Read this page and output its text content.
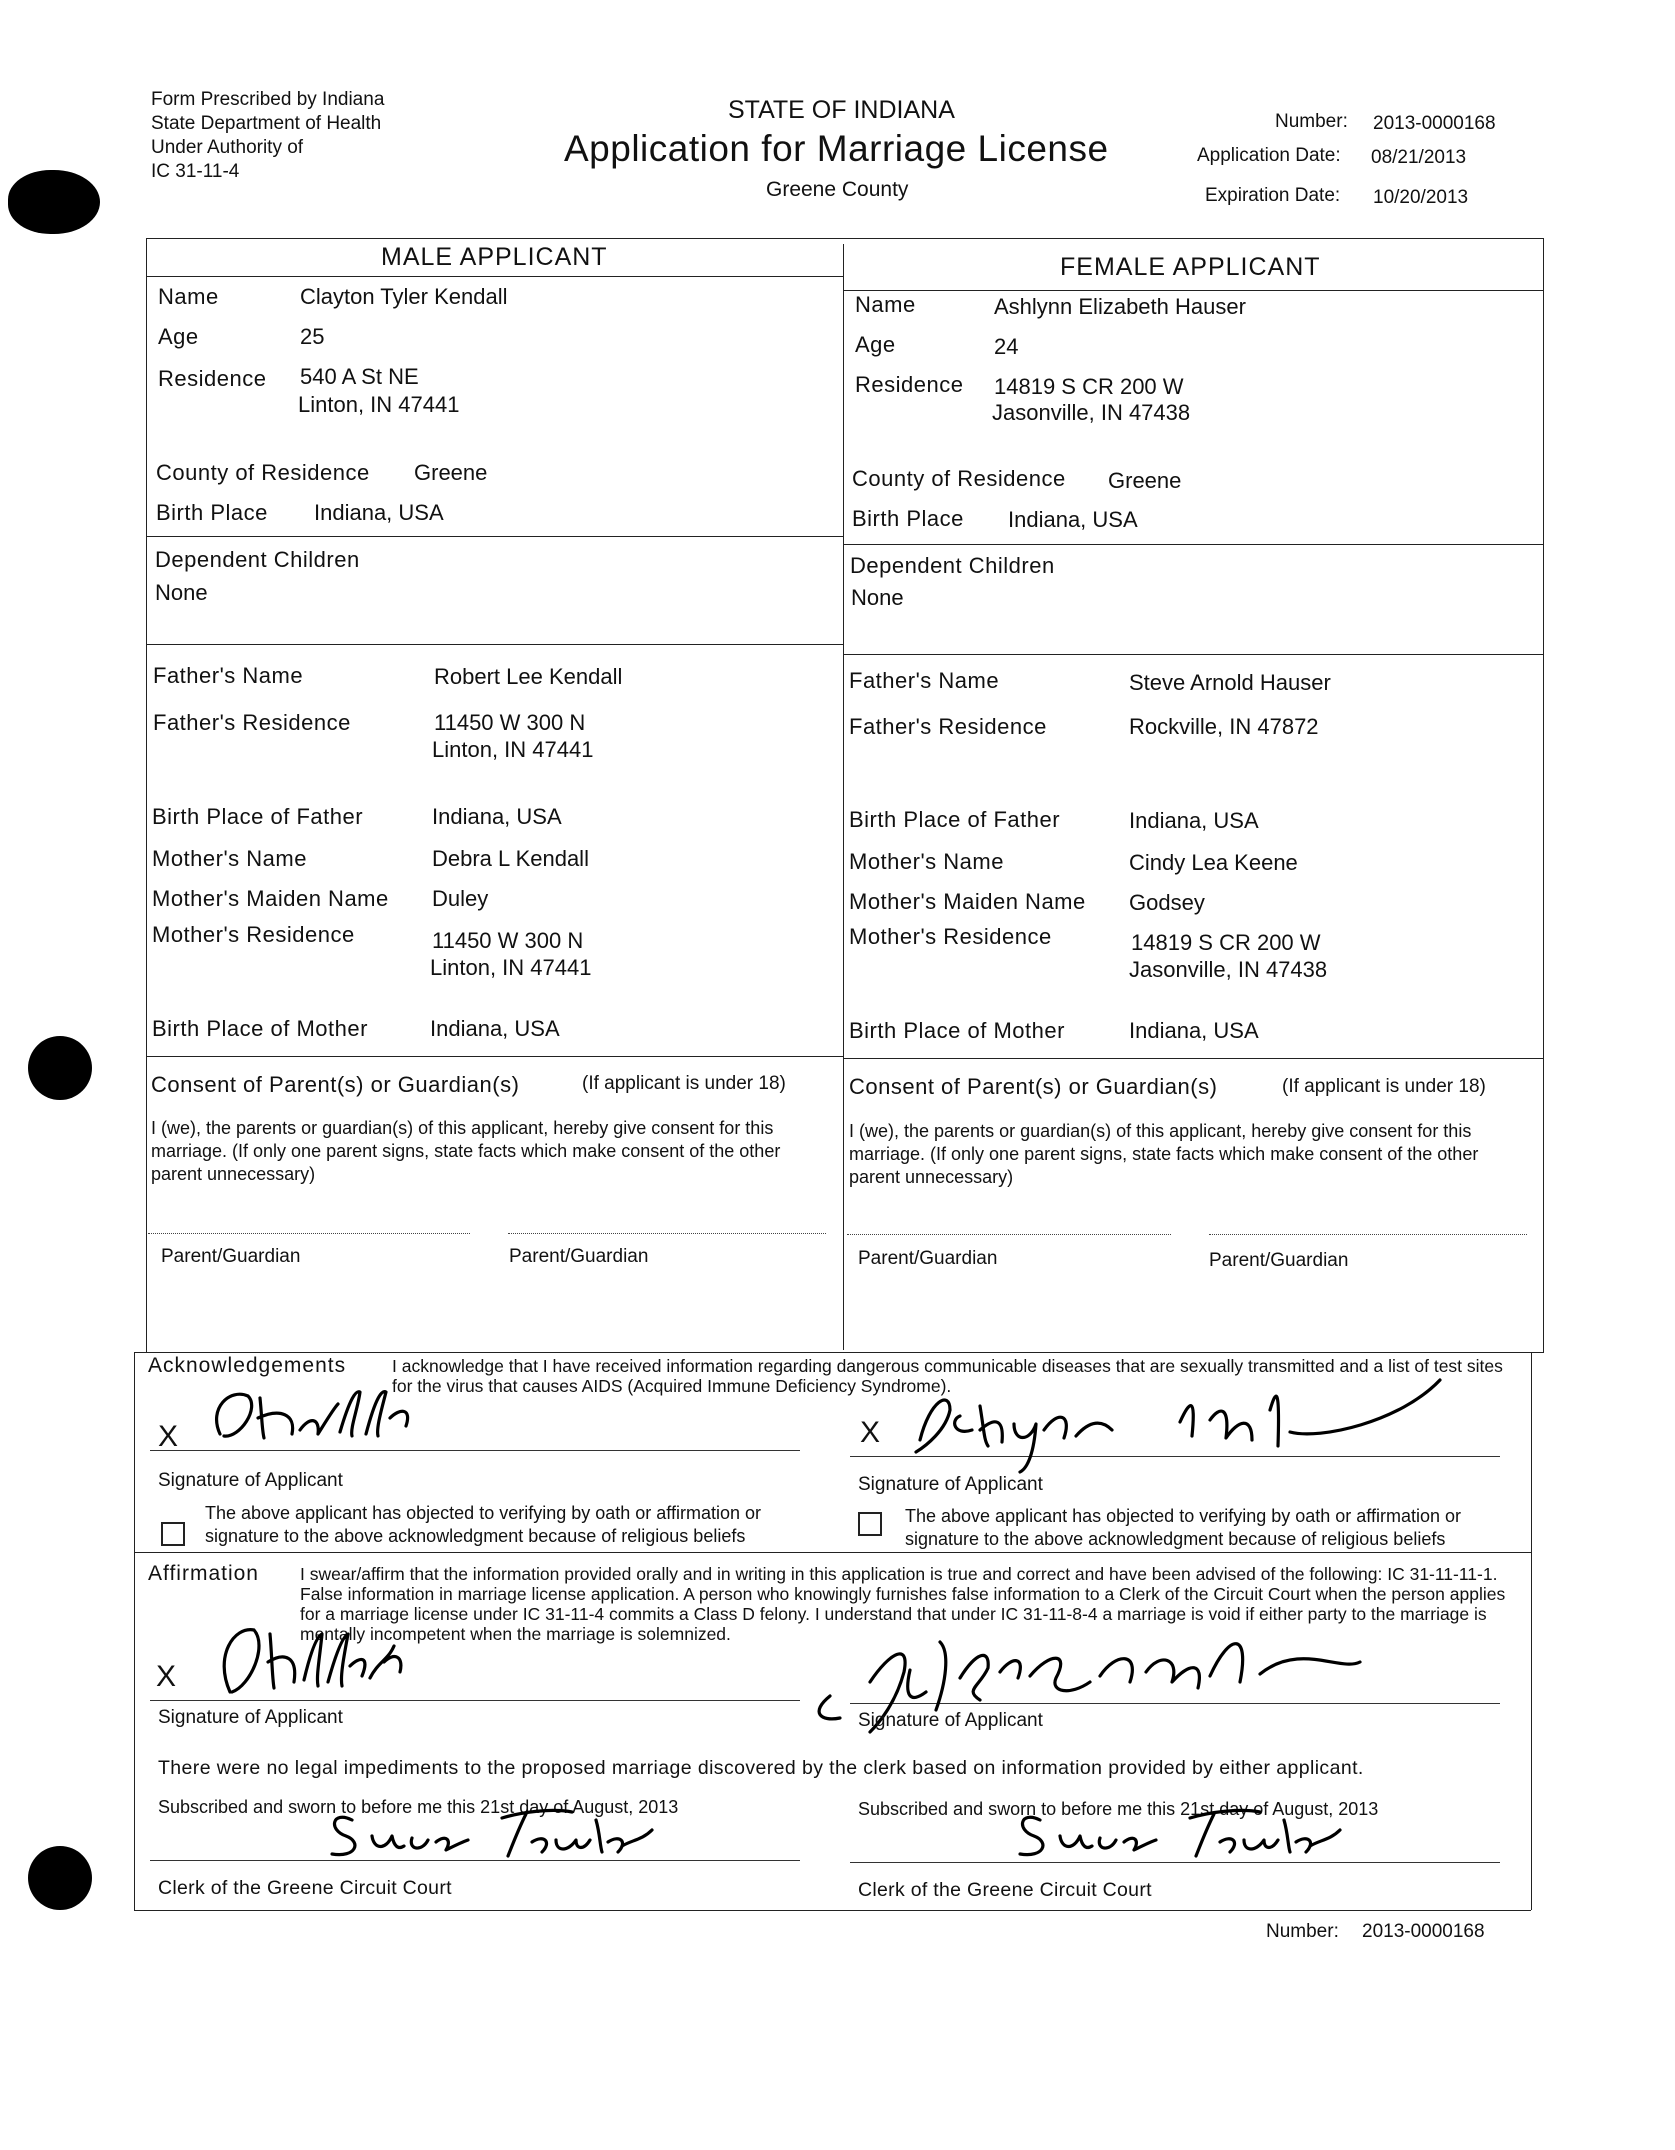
Form Prescribed by Indiana
State Department of Health
Under Authority of
IC 31-11-4
STATE OF INDIANA
Application for Marriage License
Greene County
Number: 2013-0000168
Application Date: 08/21/2013
Expiration Date: 10/20/2013
MALE APPLICANT
Name	Clayton Tyler Kendall
Age	25
Residence 540 A St NE
Linton, IN 47441
County of Residence Greene
Birth Place Indiana, USA
Dependent Children
None
Father's Name	Robert Lee Kendall
Father's Residence	11450 W 300 N
Linton, IN 47441
Birth Place of Father	Indiana, USA
Mother's Name	Debra L Kendall
Mother's Maiden Name Duley
Mother's Residence	11450 W 300 N
Linton, IN 47441
Birth Place of Mother	Indiana, USA
Consent of Parent(s) or Guardian(s)	(If applicant is under 18)
I (we), the parents or guardian(s) of this applicant, hereby give consent for this marriage. (If only one parent signs, state facts which make consent of the other parent unnecessary)
Parent/Guardian	Parent/Guardian
FEMALE APPLICANT
Name	Ashlynn Elizabeth Hauser
Age	24
Residence 14819 S CR 200 W
Jasonville, IN 47438
County of Residence Greene
Birth Place Indiana, USA
Dependent Children
None
Father's Name	Steve Arnold Hauser
Father's Residence	Rockville, IN 47872
Birth Place of Father	Indiana, USA
Mother's Name	Cindy Lea Keene
Mother's Maiden Name Godsey
Mother's Residence	14819 S CR 200 W
Jasonville, IN 47438
Birth Place of Mother	Indiana, USA
Consent of Parent(s) or Guardian(s)	(If applicant is under 18)
I (we), the parents or guardian(s) of this applicant, hereby give consent for this marriage. (If only one parent signs, state facts which make consent of the other parent unnecessary)
Parent/Guardian	Parent/Guardian
Acknowledgements	I acknowledge that I have received information regarding dangerous communicable diseases that are sexually transmitted and a list of test sites for the virus that causes AIDS (Acquired Immune Deficiency Syndrome).
X	X
Signature of Applicant	Signature of Applicant
The above applicant has objected to verifying by oath or affirmation or signature to the above acknowledgment because of religious beliefs
The above applicant has objected to verifying by oath or affirmation or signature to the above acknowledgment because of religious beliefs
Affirmation I swear/affirm that the information provided orally and in writing in this application is true and correct and have been advised of the following: IC 31-11-11-1. False information in marriage license application. A person who knowingly furnishes false information to a Clerk of the Circuit Court when the person applies for a marriage license under IC 31-11-4 commits a Class D felony. I understand that under IC 31-11-8-4 a marriage is void if either party to the marriage is mentally incompetent when the marriage is solemnized.
X
Signature of Applicant	Signature of Applicant
There were no legal impediments to the proposed marriage discovered by the clerk based on information provided by either applicant.
Subscribed and sworn to before me this 21st day of August, 2013
Clerk of the Greene Circuit Court
Subscribed and sworn to before me this 21st day of August, 2013
Clerk of the Greene Circuit Court
Number: 2013-0000168
